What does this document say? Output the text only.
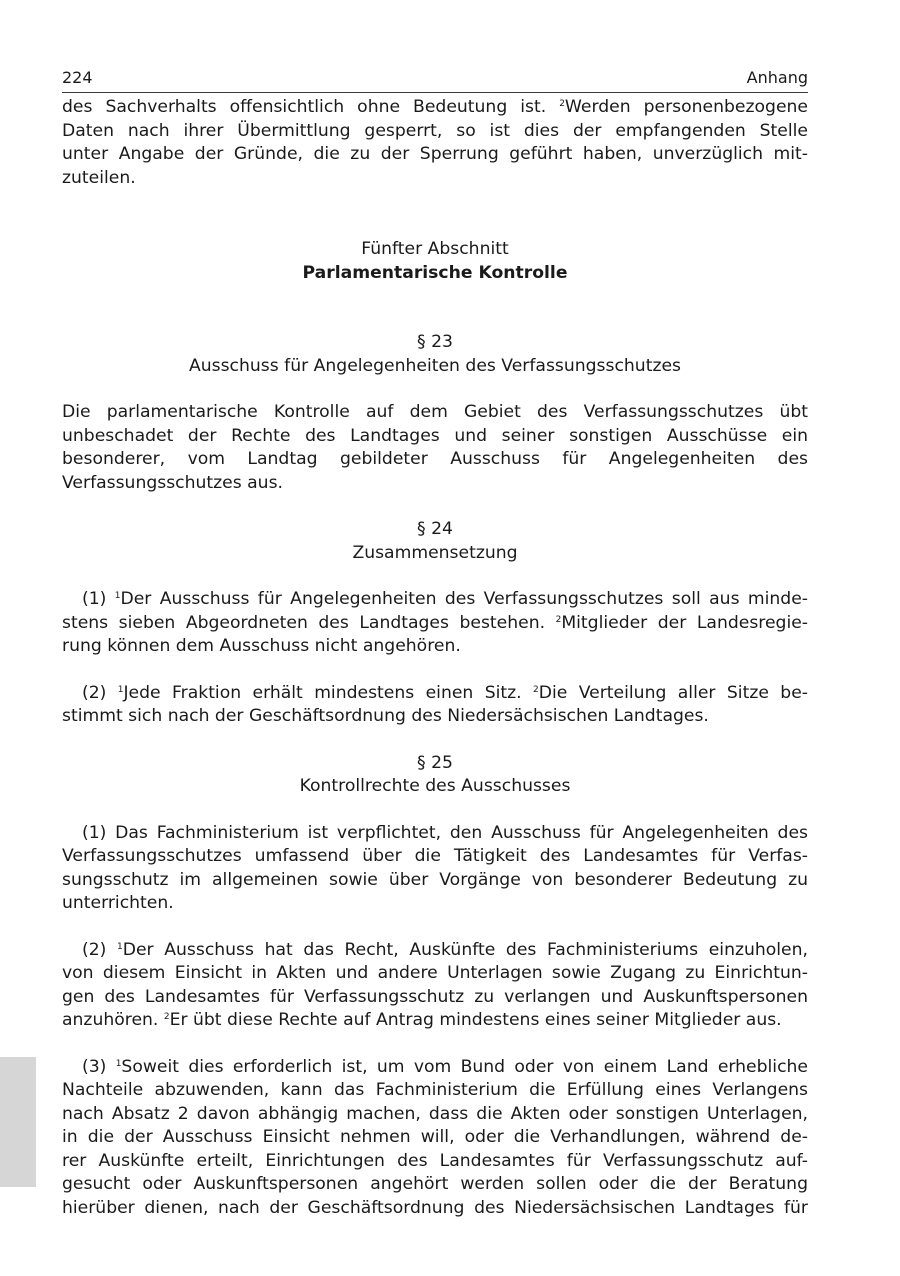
224	Anhang

des Sachverhalts offensichtlich ohne Bedeutung ist. $^2$Werden personenbezogene
Daten nach ihrer Übermittlung gesperrt, so ist dies der empfangenden Stelle
unter Angabe der Gründe, die zu der Sperrung geführt haben, unverzüglich mit-
zuteilen.

Fünfter Abschnitt
Parlamentarische Kontrolle
§ 23
Ausschuss für Angelegenheiten des Verfassungsschutzes

Die parlamentarische Kontrolle auf dem Gebiet des Verfassungsschutzes übt
unbeschadet der Rechte des Landtages und seiner sonstigen Ausschüsse ein
besonderer, vom Landtag gebildeter Ausschuss für Angelegenheiten des
Verfassungsschutzes aus.

§ 24
Zusammensetzung

(1) $^1$Der Ausschuss für Angelegenheiten des Verfassungsschutzes soll aus minde-
stens sieben Abgeordneten des Landtages bestehen. $^2$Mitglieder der Landesregie-
rung können dem Ausschuss nicht angehören.

(2) $^1$Jede Fraktion erhält mindestens einen Sitz. $^2$Die Verteilung aller Sitze be-
stimmt sich nach der Geschäftsordnung des Niedersächsischen Landtages.

§ 25
Kontrollrechte des Ausschusses

(1) Das Fachministerium ist verpflichtet, den Ausschuss für Angelegenheiten des
Verfassungsschutzes umfassend über die Tätigkeit des Landesamtes für Verfas-
sungsschutz im allgemeinen sowie über Vorgänge von besonderer Bedeutung zu
unterrichten.

(2) $^1$Der Ausschuss hat das Recht, Auskünfte des Fachministeriums einzuholen,
von diesem Einsicht in Akten und andere Unterlagen sowie Zugang zu Einrichtun-
gen des Landesamtes für Verfassungsschutz zu verlangen und Auskunftspersonen
anzuhören. $^2$Er übt diese Rechte auf Antrag mindestens eines seiner Mitglieder aus.

(3) $^1$Soweit dies erforderlich ist, um vom Bund oder von einem Land erhebliche
Nachteile abzuwenden, kann das Fachministerium die Erfüllung eines Verlangens
nach Absatz 2 davon abhängig machen, dass die Akten oder sonstigen Unterlagen,
in die der Ausschuss Einsicht nehmen will, oder die Verhandlungen, während de-
rer Auskünfte erteilt, Einrichtungen des Landesamtes für Verfassungsschutz auf-
gesucht oder Auskunftspersonen angehört werden sollen oder die der Beratung
hierüber dienen, nach der Geschäftsordnung des Niedersächsischen Landtages für
